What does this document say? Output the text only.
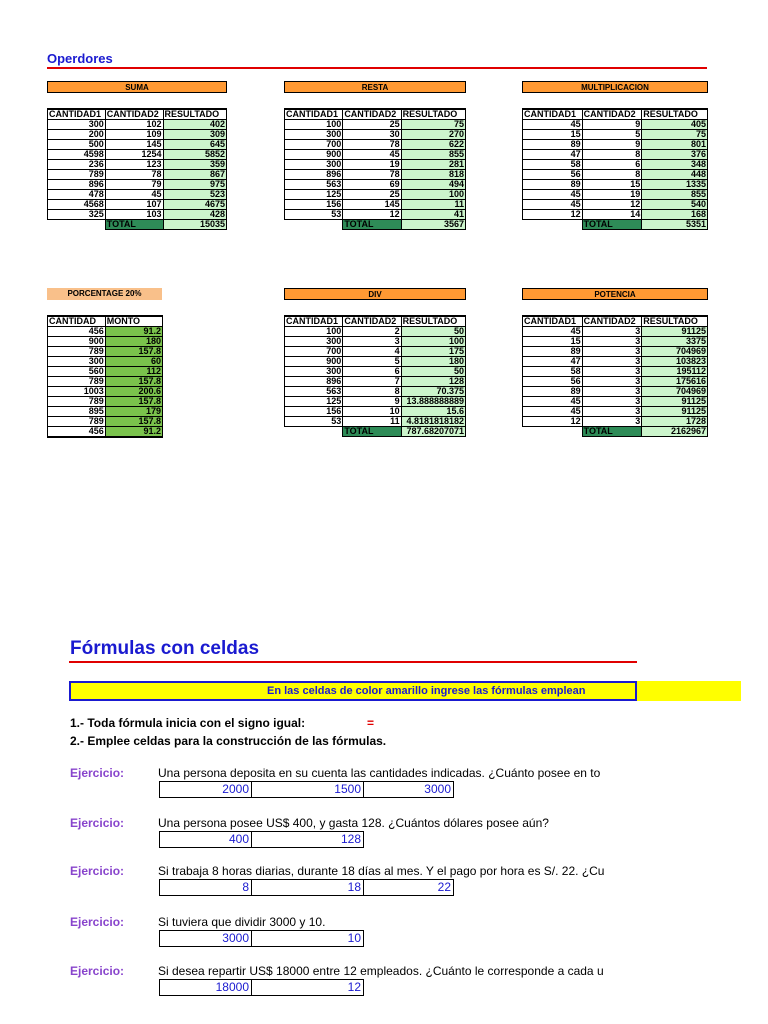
Operdores
SUMA	RESTA	MULTIPLICACION
CANTIDAD1	CANTIDAD2	RESULTADO
300	102	402
200	109	309
500	145	645
4598	1254	5852
236	123	359
789	78	867
896	79	975
478	45	523
4568	107	4675
325	103	428
	TOTAL	15035
CANTIDAD1	CANTIDAD2	RESULTADO
100	25	75
300	30	270
700	78	622
900	45	855
300	19	281
896	78	818
563	69	494
125	25	100
156	145	11
53	12	41
	TOTAL	3567
CANTIDAD1	CANTIDAD2	RESULTADO
45	9	405
15	5	75
89	9	801
47	8	376
58	6	348
56	8	448
89	15	1335
45	19	855
45	12	540
12	14	168
	TOTAL	5351
PORCENTAGE 20%	DIV	POTENCIA
CANTIDAD	MONTO
456	91.2
900	180
789	157.8
300	60
560	112
789	157.8
1003	200.6
789	157.8
895	179
789	157.8
456	91.2
CANTIDAD1	CANTIDAD2	RESULTADO
100	2	50
300	3	100
700	4	175
900	5	180
300	6	50
896	7	128
563	8	70.375
125	9	13.888888889
156	10	15.6
53	11	4.8181818182
	TOTAL	787.68207071
CANTIDAD1	CANTIDAD2	RESULTADO
45	3	91125
15	3	3375
89	3	704969
47	3	103823
58	3	195112
56	3	175616
89	3	704969
45	3	91125
45	3	91125
12	3	1728
	TOTAL	2162967
Fórmulas con celdas
En las celdas de color amarillo ingrese las fórmulas emplean
1.- Toda fórmula inicia con el signo igual:	=
2.- Emplee celdas para la construcción de las fórmulas.
Ejercicio:	Una persona deposita en su cuenta las cantidades indicadas. ¿Cuánto posee en to
2000	1500	3000
Ejercicio:	Una persona posee US$ 400, y gasta 128. ¿Cuántos dólares posee aún?
400	128
Ejercicio:	Si trabaja 8 horas diarias, durante 18 días al mes. Y el pago por hora es S/. 22. ¿Cu
8	18	22
Ejercicio:	Si tuviera que dividir 3000 y 10.
3000	10
Ejercicio:	Si desea repartir US$ 18000 entre 12 empleados. ¿Cuánto le corresponde a cada u
18000	12
